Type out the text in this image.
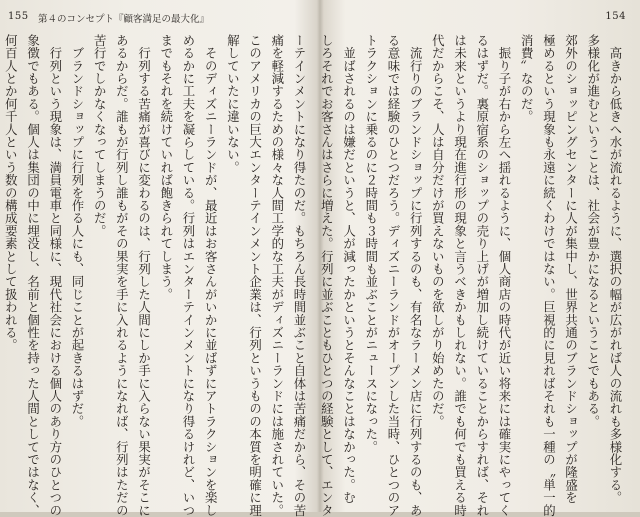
155 第４のコンセプト『顧客満足の最大化』
ーテインメントになり得たのだ。もちろん長時間並ぶこと自体は苦痛だから、その苦
痛を軽減するための様々な人間工学的な工夫がディズニーランドには施されていた。
このアメリカの巨大エンターテインメント企業は、行列というものの本質を明確に理
解していたに違いない。
　そのディズニーランドが、最近はお客さんがいかに並ばずにアトラクションを楽し
めるかに工夫を凝らしている。行列はエンターテインメントになり得るけれど、いつ
までもそれを続けていれば飽きられてしまう。
　行列する苦痛が喜びに変わるのは、行列した人間にしか手に入らない果実がそこに
あるからだ。誰もが行列し誰もがその果実を手に入れるようになれば、行列はただの
苦行でしかなくなってしまうのだ。
　ブランドショップに行列を作る人にも、同じことが起きるはずだ。
　行列という現象は、満員電車と同様に、現代社会における個人のあり方のひとつの
象徴でもある。個人は集団の中に埋没し、名前と個性を持った人間としてではなく、
何百人とか何千人という数の構成要素として扱われる。
154
　高きから低きへ水が流れるように、選択の幅が広がれば人の流れも多様化する。
多様化が進むということは、社会が豊かになるということでもある。
郊外のショッピングセンターに人が集中し、世界共通のブランドショップが隆盛を
極めるという現象も永遠に続くわけではない。巨視的に見ればそれも一種の〝単一的
消費〟なのだ。
　振り子が右から左へ揺れるように、個人商店の時代が近い将来には確実にやってく
るはずだ。裏原宿系のショップの売り上げが増加し続けていることからすれば、それ
は未来というより現在進行形の現象と言うべきかもしれない。誰でも何でも買える時
代だからこそ、人は自分だけが買えないものを欲しがり始めたのだ。
　流行りのブランドショップに行列するのも、有名なラーメン店に行列するのも、あ
る意味では経験のひとつだろう。ディズニーランドがオープンした当時、ひとつのア
トラクションに乗るのに２時間も３時間も並ぶことがニュースになった。
　並ばされるのは嫌だというと、人が減ったかというとそんなことはなかった。む
しろそれでお客さんはさらに増えた。行列に並ぶこともひとつの経験として、エンタ
